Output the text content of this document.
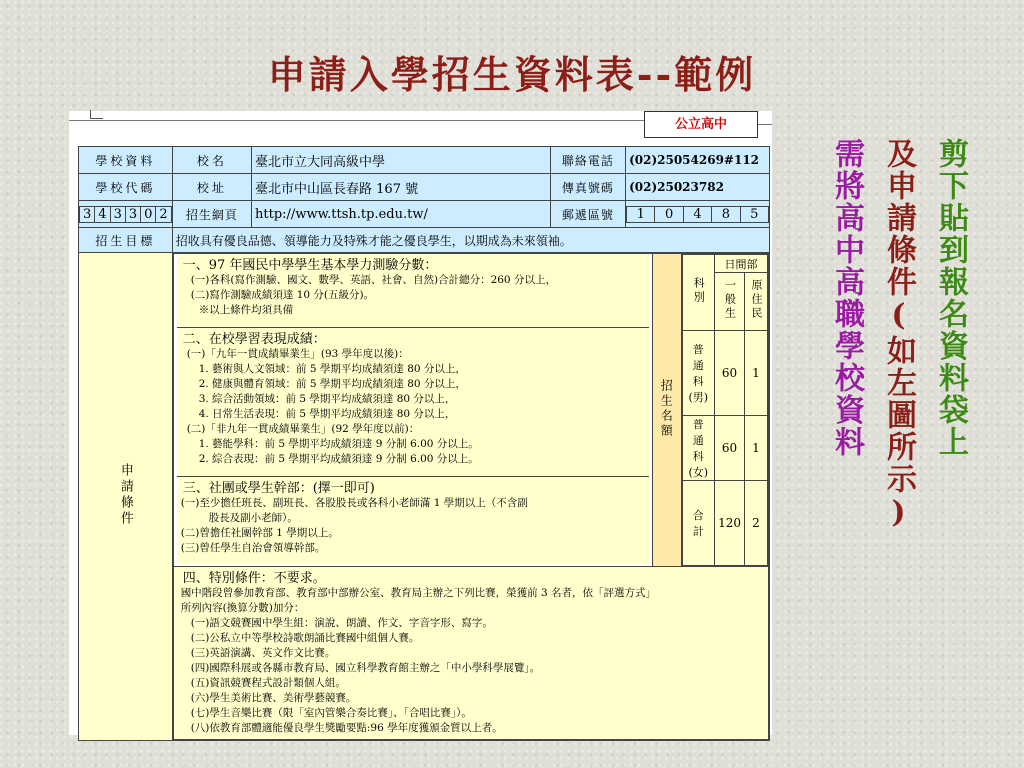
申請入學招生資料表--範例
公立高中
學校資料	校名	臺北市立大同高級中學	聯絡電話	(02)25054269#112
學校代碼	校址	臺北市中山區長春路 167 號	傳真號碼	(02)25023782

3	4	3	3	0	2
	招生網頁	http://www.ttsh.tp.edu.tw/	郵遞區號	1	0	4	8	5

招生目標	招收具有優良品德、領導能力及特殊才能之優良學生，以期成為未來領袖。
申請條件	
一、97 年國民中學學生基本學力測驗分數：
(一)各科(寫作測驗、國文、數學、英語、社會、自然)合計總分：260 分以上，
(二)寫作測驗成績須達 10 分(五級分)。
※以上條件均須具備
二、在校學習表現成績：
(一)「九年一貫成績畢業生」(93 學年度以後)：
1. 藝術與人文領域：前 5 學期平均成績須達 80 分以上，
2. 健康與體育領域：前 5 學期平均成績須達 80 分以上，
3. 綜合活動領域：前 5 學期平均成績須達 80 分以上，
4. 日常生活表現：前 5 學期平均成績須達 80 分以上，
(二)「非九年一貫成績畢業生」(92 學年度以前)：
1. 藝能學科：前 5 學期平均成績須達 9 分制 6.00 分以上。
2. 綜合表現：前 5 學期平均成績須達 9 分制 6.00 分以上。
三、社團或學生幹部：(擇一即可)
(一)至少擔任班長、副班長、各股股長或各科小老師滿 1 學期以上（不含副
股長及副小老師）。
(二)曾擔任社團幹部 1 學期以上。
(三)曾任學生自治會領導幹部。
	招生名額	
科別	日間部
一般生	原住民
普通科(男)	60	1
普通科(女)	60	1
合　計	120	2

四、特別條件：不要求。
國中階段曾參加教育部、教育部中部辦公室、教育局主辦之下列比賽，榮獲前 3 名者，依「評選方式」
所列內容(換算分數)加分：
(一)語文競賽國中學生組：演說、朗讀、作文、字音字形、寫字。
(二)公私立中等學校詩歌朗誦比賽國中組個人賽。
(三)英語演講、英文作文比賽。
(四)國際科展或各縣市教育局、國立科學教育館主辦之「中小學科學展覽」。
(五)資訊競賽程式設計類個人組。
(六)學生美術比賽、美術學藝競賽。
(七)學生音樂比賽（限「室內管樂合奏比賽」、「合唱比賽」）。
(八)依教育部體適能優良學生獎勵要點:96 學年度獲頒金質以上者。
剪下貼到報名資料袋上
及申請條件(如左圖所示)
需將高中高職學校資料
